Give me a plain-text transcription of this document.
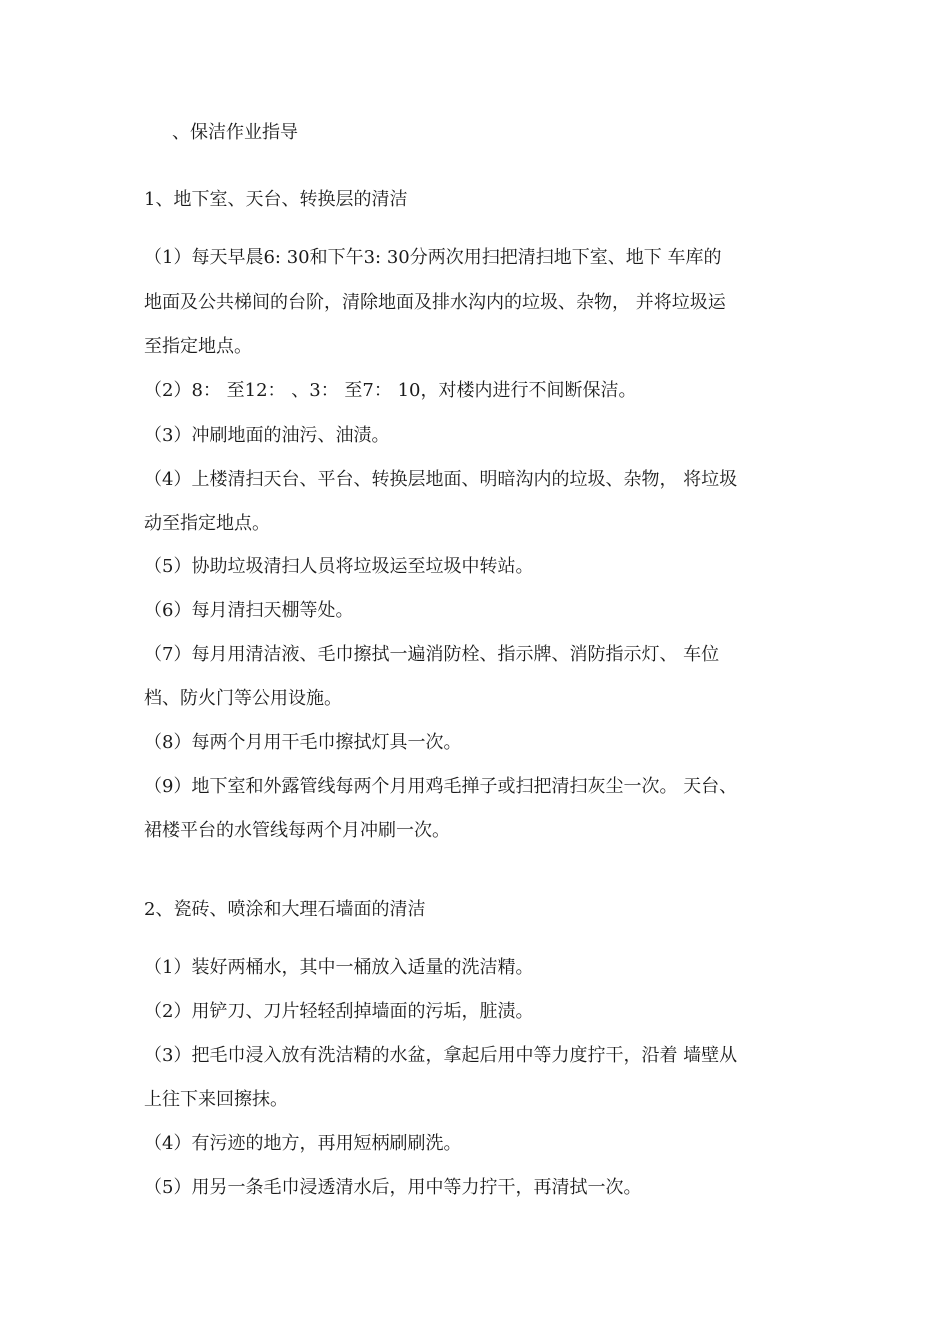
、保洁作业指导
1、地下室、天台、转换层的清洁
（1）每天早晨6: 30和下午3: 30分两次用扫把清扫地下室、地下 车库的
地面及公共梯间的台阶，清除地面及排水沟内的垃圾、杂物， 并将垃圾运
至指定地点。
（2）8： 至12： 、3： 至7： 10，对楼内进行不间断保洁。
（3）冲刷地面的油污、油渍。
（4）上楼清扫天台、平台、转换层地面、明暗沟内的垃圾、杂物， 将垃圾
动至指定地点。
（5）协助垃圾清扫人员将垃圾运至垃圾中转站。
（6）每月清扫天棚等处。
（7）每月用清洁液、毛巾擦拭一遍消防栓、指示牌、消防指示灯、 车位
档、防火门等公用设施。
（8）每两个月用干毛巾擦拭灯具一次。
（9）地下室和外露管线每两个月用鸡毛掸子或扫把清扫灰尘一次。 天台、
裙楼平台的水管线每两个月冲刷一次。
2、瓷砖、喷涂和大理石墙面的清洁
（1）装好两桶水，其中一桶放入适量的洗洁精。
（2）用铲刀、刀片轻轻刮掉墙面的污垢，脏渍。
（3）把毛巾浸入放有洗洁精的水盆，拿起后用中等力度拧干，沿着 墙壁从
上往下来回擦抹。
（4）有污迹的地方，再用短柄刷刷洗。
（5）用另一条毛巾浸透清水后，用中等力拧干，再清拭一次。
